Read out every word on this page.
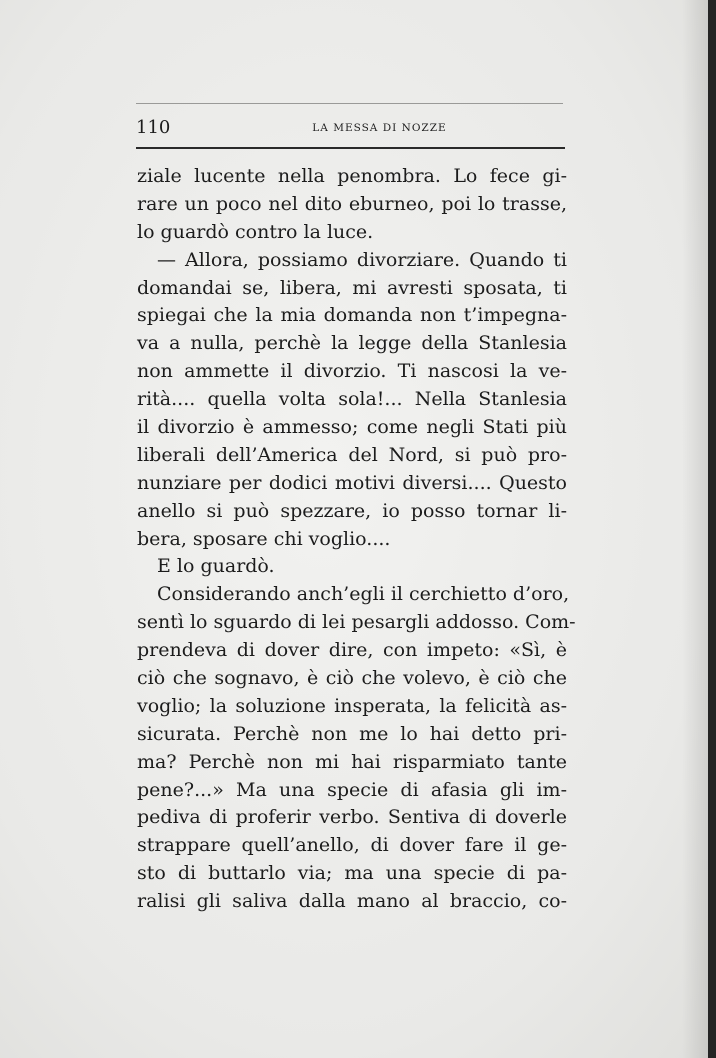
110	LA MESSA DI NOZZE
ziale lucente nella penombra. Lo fece gi-
rare un poco nel dito eburneo, poi lo trasse,
lo guardò contro la luce.
— Allora, possiamo divorziare. Quando ti
domandai se, libera, mi avresti sposata, ti
spiegai che la mia domanda non t’impegna-
va a nulla, perchè la legge della Stanlesia
non ammette il divorzio. Ti nascosi la ve-
rità.... quella volta sola!... Nella Stanlesia
il divorzio è ammesso; come negli Stati più
liberali dell’America del Nord, si può pro-
nunziare per dodici motivi diversi.... Questo
anello si può spezzare, io posso tornar li-
bera, sposare chi voglio....
E lo guardò.
Considerando anch’egli il cerchietto d’oro,
sentì lo sguardo di lei pesargli addosso. Com-
prendeva di dover dire, con impeto: «Sì, è
ciò che sognavo, è ciò che volevo, è ciò che
voglio; la soluzione insperata, la felicità as-
sicurata. Perchè non me lo hai detto pri-
ma? Perchè non mi hai risparmiato tante
pene?...» Ma una specie di afasia gli im-
pediva di proferir verbo. Sentiva di doverle
strappare quell’anello, di dover fare il ge-
sto di buttarlo via; ma una specie di pa-
ralisi gli saliva dalla mano al braccio, co-
